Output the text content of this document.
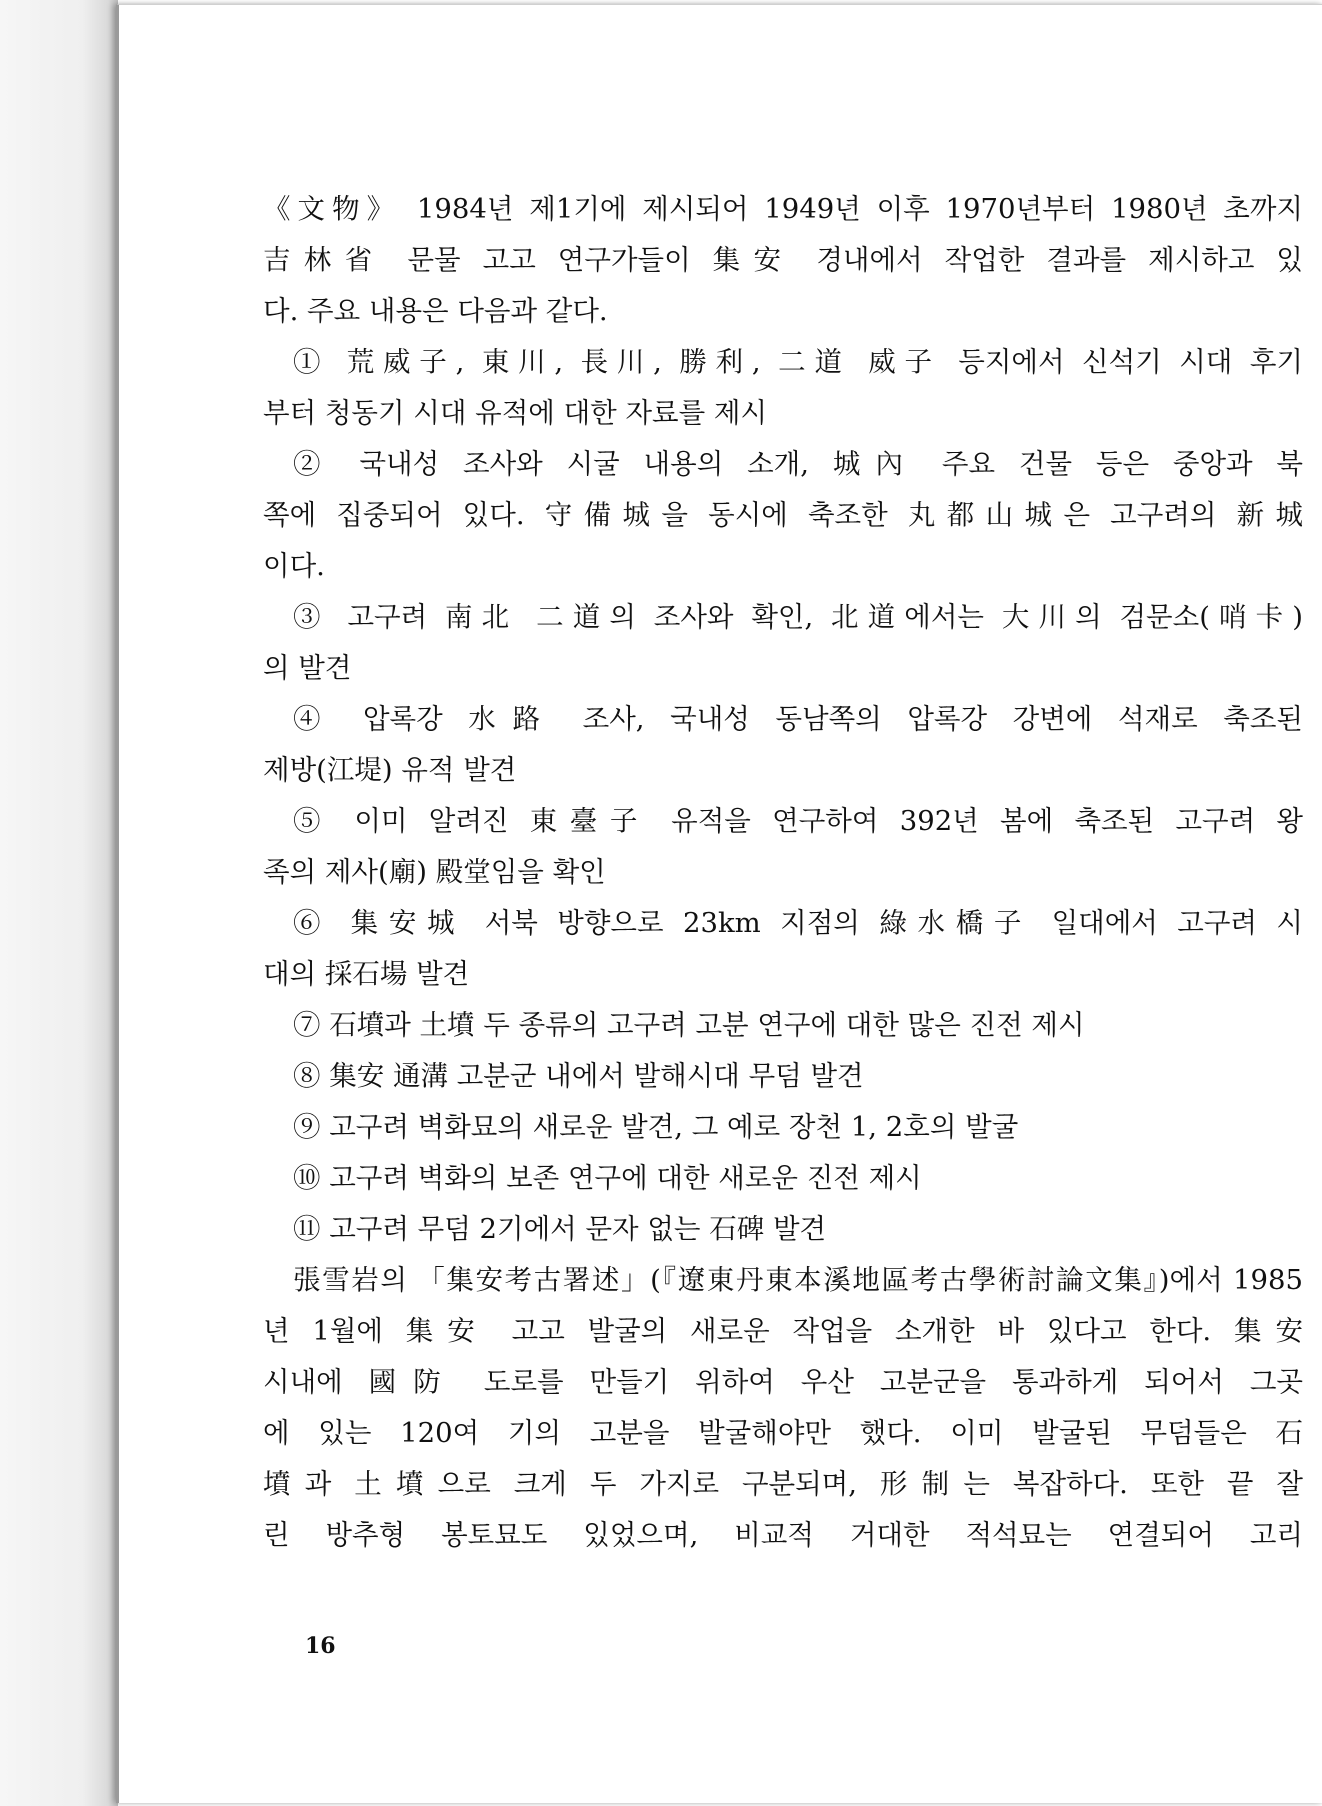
《文物》 1984년 제1기에 제시되어 1949년 이후 1970년부터 1980년 초까지
吉林省 문물 고고 연구가들이 集安 경내에서 작업한 결과를 제시하고 있
다. 주요 내용은 다음과 같다.
① 荒威子, 東川, 長川, 勝利, 二道 威子 등지에서 신석기 시대 후기
부터 청동기 시대 유적에 대한 자료를 제시
② 국내성 조사와 시굴 내용의 소개, 城內 주요 건물 등은 중앙과 북
쪽에 집중되어 있다. 守備城을 동시에 축조한 丸都山城은 고구려의 新城
이다.
③ 고구려 南北 二道의 조사와 확인, 北道에서는 大川의 검문소(哨卡)
의 발견
④ 압록강 水路 조사, 국내성 동남쪽의 압록강 강변에 석재로 축조된
제방(江堤) 유적 발견
⑤ 이미 알려진 東臺子 유적을 연구하여 392년 봄에 축조된 고구려 왕
족의 제사(廟) 殿堂임을 확인
⑥ 集安城 서북 방향으로 23km 지점의 綠水橋子 일대에서 고구려 시
대의 採石場 발견
⑦ 石墳과 土墳 두 종류의 고구려 고분 연구에 대한 많은 진전 제시
⑧ 集安 通溝 고분군 내에서 발해시대 무덤 발견
⑨ 고구려 벽화묘의 새로운 발견, 그 예로 장천 1, 2호의 발굴
⑩ 고구려 벽화의 보존 연구에 대한 새로운 진전 제시
⑪ 고구려 무덤 2기에서 문자 없는 石碑 발견
張雪岩의 「集安考古署述」(『遼東丹東本溪地區考古學術討論文集』)에서 1985
년 1월에 集安 고고 발굴의 새로운 작업을 소개한 바 있다고 한다. 集安
시내에 國防 도로를 만들기 위하여 우산 고분군을 통과하게 되어서 그곳
에 있는 120여 기의 고분을 발굴해야만 했다. 이미 발굴된 무덤들은 石
墳과 土墳으로 크게 두 가지로 구분되며, 形制는 복잡하다. 또한 끝 잘
린 방추형 봉토묘도 있었으며, 비교적 거대한 적석묘는 연결되어 고리
16
